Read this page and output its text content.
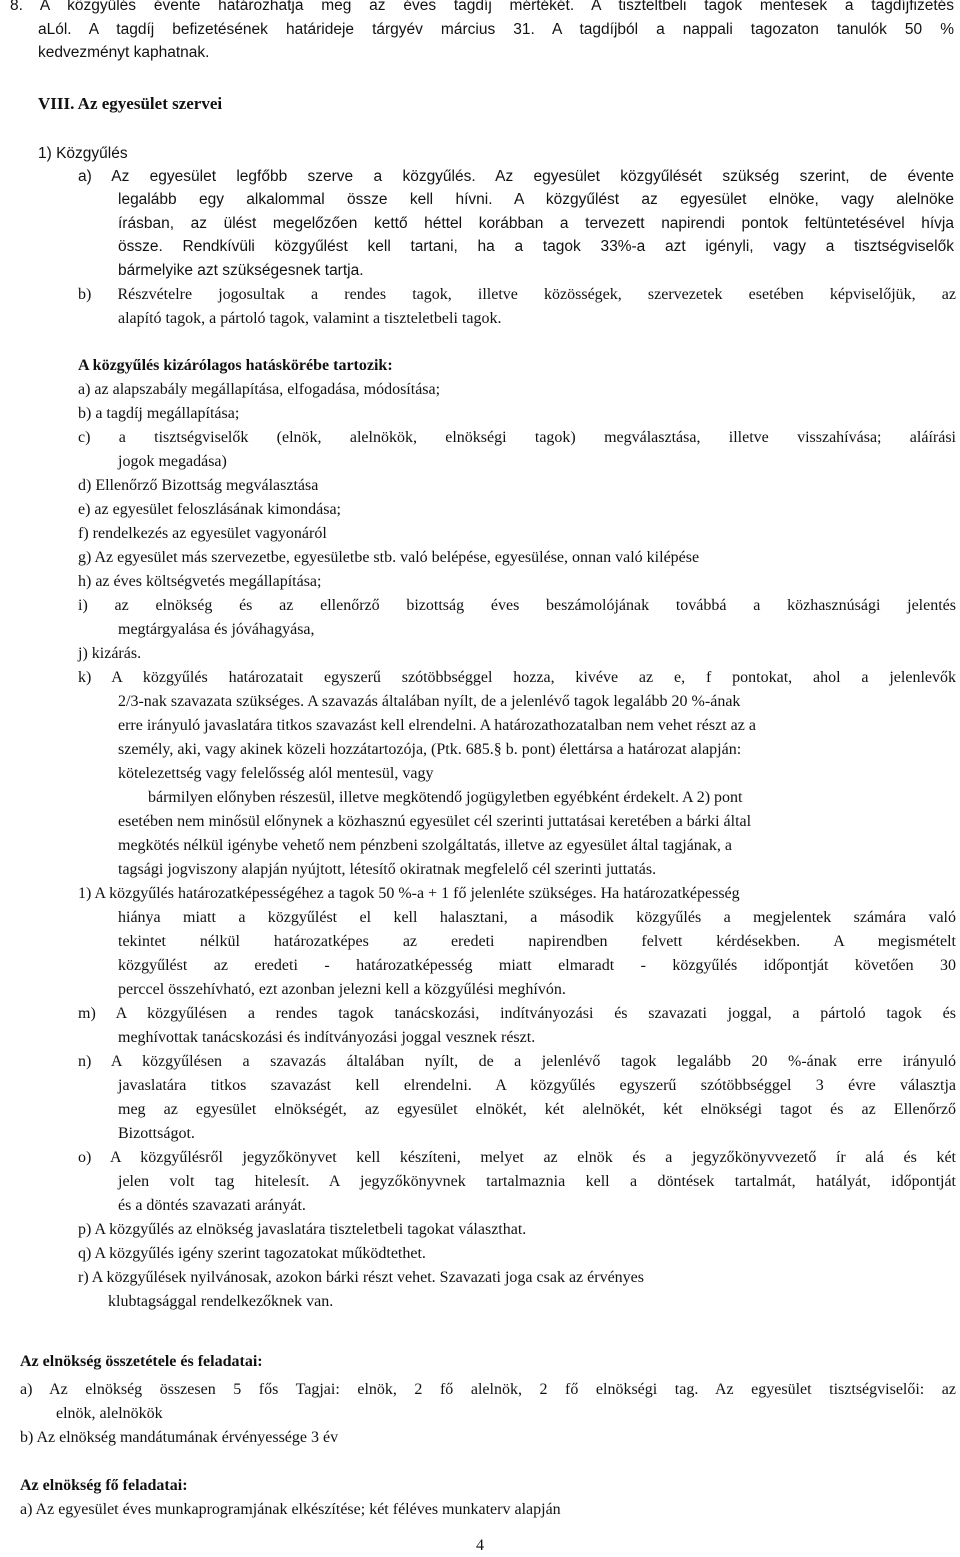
8. A közgyűlés évente határozhatja meg az éves tagdíj mértékét. A tiszteltbeli tagok mentesek a tagdíjfizetés
aLól. A tagdíj befizetésének határideje tárgyév március 31. A tagdíjból a nappali tagozaton tanulók 50 %
kedvezményt kaphatnak.
VIII. Az egyesület szervei
1) Közgyűlés
a) Az egyesület legfőbb szerve a közgyűlés. Az egyesület közgyűlését szükség szerint, de évente
legalább egy alkalommal össze kell hívni. A közgyűlést az egyesület elnöke, vagy alelnöke
írásban, az ülést megelőzően kettő héttel korábban a tervezett napirendi pontok feltüntetésével hívja
össze. Rendkívüli közgyűlést kell tartani, ha a tagok 33%-a azt igényli, vagy a tisztségviselők
bármelyike azt szükségesnek tartja.
b) Részvételre jogosultak a rendes tagok, illetve közösségek, szervezetek esetében képviselőjük, az
alapító tagok, a pártoló tagok, valamint a tiszteletbeli tagok.
A közgyűlés kizárólagos hatáskörébe tartozik:
a) az alapszabály megállapítása, elfogadása, módosítása;
b) a tagdíj megállapítása;
c) a tisztségviselők (elnök, alelnökök, elnökségi tagok) megválasztása, illetve visszahívása; aláírási
jogok megadása)
d) Ellenőrző Bizottság megválasztása
e) az egyesület feloszlásának kimondása;
f) rendelkezés az egyesület vagyonáról
g) Az egyesület más szervezetbe, egyesületbe stb. való belépése, egyesülése, onnan való kilépése
h) az éves költségvetés megállapítása;
i) az elnökség és az ellenőrző bizottság éves beszámolójának továbbá a közhasznúsági jelentés
megtárgyalása és jóváhagyása,
j) kizárás.
k) A közgyűlés határozatait egyszerű szótöbbséggel hozza, kivéve az e, f pontokat, ahol a jelenlevők
2/3-nak szavazata szükséges. A szavazás általában nyílt, de a jelenlévő tagok legalább 20 %-ának
erre irányuló javaslatára titkos szavazást kell elrendelni. A határozathozatalban nem vehet részt az a
személy, aki, vagy akinek közeli hozzátartozója, (Ptk. 685.§ b. pont) élettársa a határozat alapján:
kötelezettség vagy felelősség alól mentesül, vagy
bármilyen előnyben részesül, illetve megkötendő jogügyletben egyébként érdekelt. A 2) pont
esetében nem minősül előnynek a közhasznú egyesület cél szerinti juttatásai keretében a bárki által
megkötés nélkül igénybe vehető nem pénzbeni szolgáltatás, illetve az egyesület által tagjának, a
tagsági jogviszony alapján nyújtott, létesítő okiratnak megfelelő cél szerinti juttatás.
1) A közgyűlés határozatképességéhez a tagok 50 %-a + 1 fő jelenléte szükséges. Ha határozatképesség
hiánya miatt a közgyűlést el kell halasztani, a második közgyűlés a megjelentek számára való
tekintet nélkül határozatképes az eredeti napirendben felvett kérdésekben. A megismételt
közgyűlést az eredeti - határozatképesség miatt elmaradt - közgyűlés időpontját követően 30
perccel összehívható, ezt azonban jelezni kell a közgyűlési meghívón.
m) A közgyűlésen a rendes tagok tanácskozási, indítványozási és szavazati joggal, a pártoló tagok és
meghívottak tanácskozási és indítványozási joggal vesznek részt.
n) A közgyűlésen a szavazás általában nyílt, de a jelenlévő tagok legalább 20 %-ának erre irányuló
javaslatára titkos szavazást kell elrendelni. A közgyűlés egyszerű szótöbbséggel 3 évre választja
meg az egyesület elnökségét, az egyesület elnökét, két alelnökét, két elnökségi tagot és az Ellenőrző
Bizottságot.
o) A közgyűlésről jegyzőkönyvet kell készíteni, melyet az elnök és a jegyzőkönyvvezető ír alá és két
jelen volt tag hitelesít. A jegyzőkönyvnek tartalmaznia kell a döntések tartalmát, hatályát, időpontját
és a döntés szavazati arányát.
p) A közgyűlés az elnökség javaslatára tiszteletbeli tagokat választhat.
q) A közgyűlés igény szerint tagozatokat működtethet.
r) A közgyűlések nyilvánosak, azokon bárki részt vehet. Szavazati joga csak az érvényes
klubtagsággal rendelkezőknek van.
Az elnökség összetétele és feladatai:
a) Az elnökség összesen 5 fős Tagjai: elnök, 2 fő alelnök, 2 fő elnökségi tag. Az egyesület tisztségviselői: az
elnök, alelnökök
b) Az elnökség mandátumának érvényessége 3 év
Az elnökség fő feladatai:
a) Az egyesület éves munkaprogramjának elkészítése; két féléves munkaterv alapján
4
